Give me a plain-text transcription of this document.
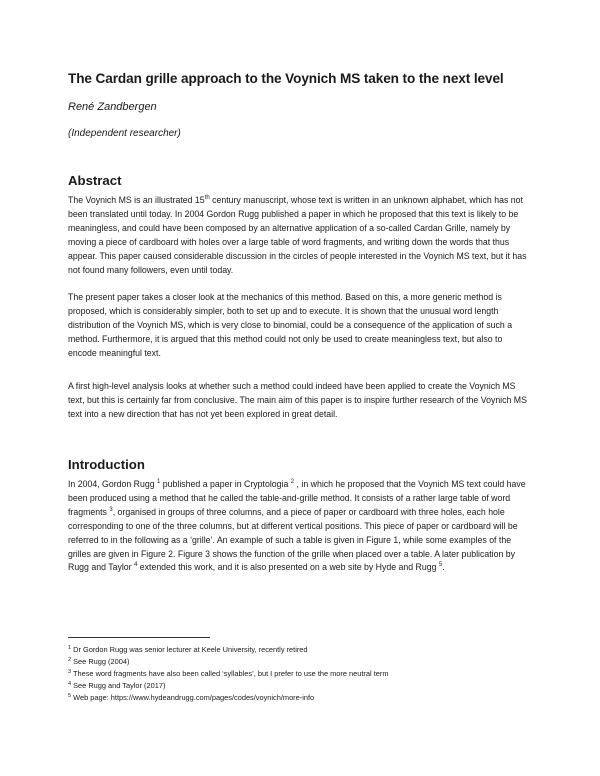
The Cardan grille approach to the Voynich MS taken to the next level
René Zandbergen
(Independent researcher)
Abstract

The Voynich MS is an illustrated 15th century manuscript, whose text is written in an unknown alphabet, which has not been translated until today. In 2004 Gordon Rugg published a paper in which he proposed that this text is likely to be meaningless, and could have been composed by an alternative application of a so-called Cardan Grille, namely by moving a piece of cardboard with holes over a large table of word fragments, and writing down the words that thus appear. This paper caused considerable discussion in the circles of people interested in the Voynich MS text, but it has not found many followers, even until today.

The present paper takes a closer look at the mechanics of this method. Based on this, a more generic method is proposed, which is considerably simpler, both to set up and to execute. It is shown that the unusual word length distribution of the Voynich MS, which is very close to binomial, could be a consequence of the application of such a method. Furthermore, it is argued that this method could not only be used to create meaningless text, but also to encode meaningful text.

A first high-level analysis looks at whether such a method could indeed have been applied to create the Voynich MS text, but this is certainly far from conclusive. The main aim of this paper is to inspire further research of the Voynich MS text into a new direction that has not yet been explored in great detail.

Introduction

In 2004, Gordon Rugg $^1$ published a paper in Cryptologia $^2$ , in which he proposed that the Voynich MS text could have been produced using a method that he called the table-and-grille method. It consists of a rather large table of word fragments $^3$, organised in groups of three columns, and a piece of paper or cardboard with three holes, each hole corresponding to one of the three columns, but at different vertical positions. This piece of paper or cardboard will be referred to in the following as a ‘grille’. An example of such a table is given in Figure 1, while some examples of the grilles are given in Figure 2. Figure 3 shows the function of the grille when placed over a table. A later publication by Rugg and Taylor $^4$ extended this work, and it is also presented on a web site by Hyde and Rugg $^5$.

$^1$ Dr Gordon Rugg was senior lecturer at Keele University, recently retired
$^2$ See Rugg (2004)
$^3$ These word fragments have also been called ‘syllables’, but I prefer to use the more neutral term
$^4$ See Rugg and Taylor (2017)
$^5$ Web page: https://www.hydeandrugg.com/pages/codes/voynich/more-info
